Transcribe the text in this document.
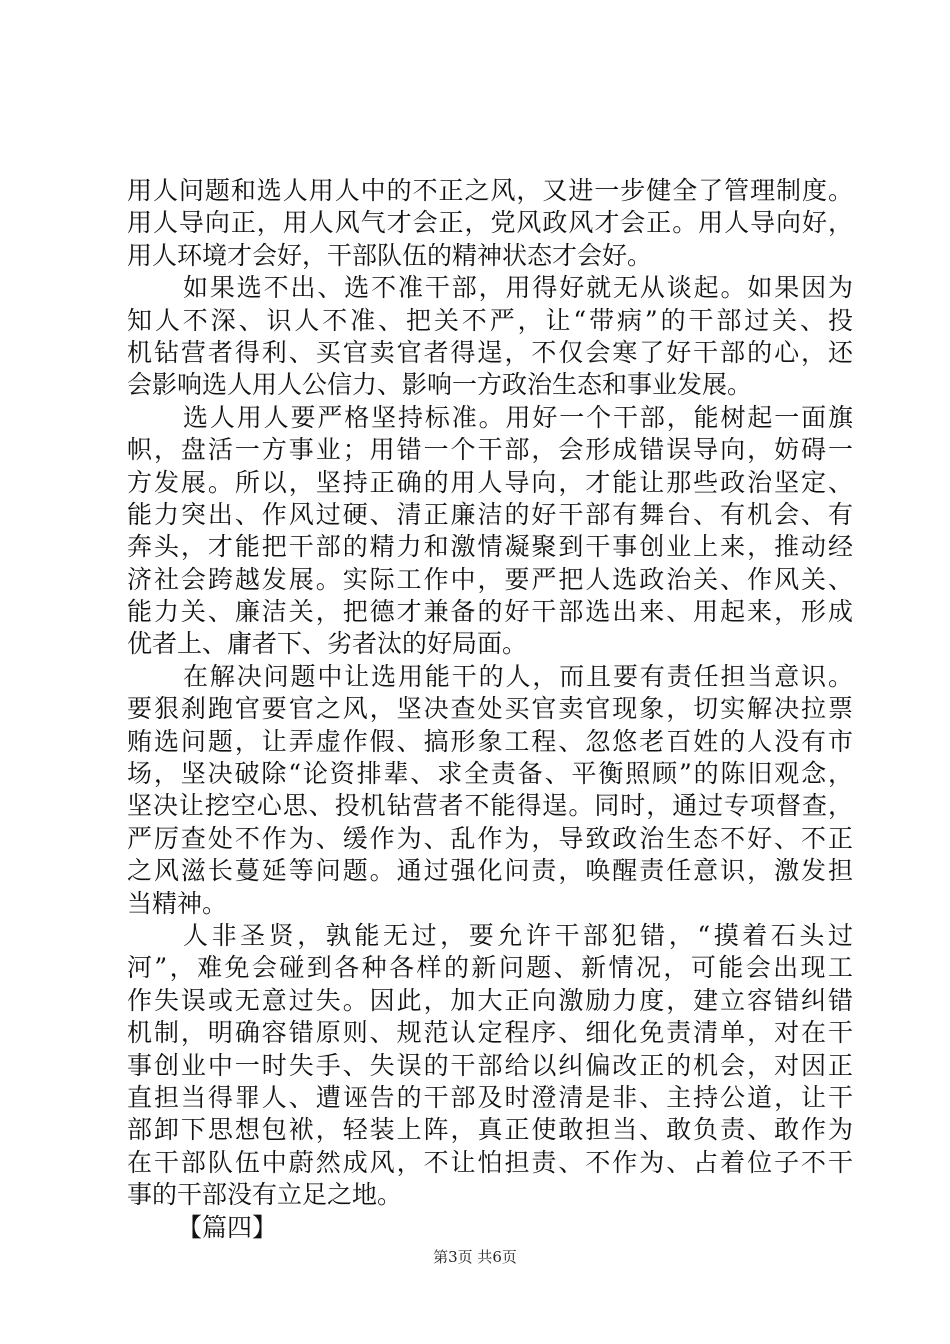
用人问题和选人用人中的不正之风，又进一步健全了管理制度。
用人导向正，用人风气才会正，党风政风才会正。用人导向好，
用人环境才会好，干部队伍的精神状态才会好。
如果选不出、选不准干部，用得好就无从谈起。如果因为
知人不深、识人不准、把关不严，让“带病”的干部过关、投
机钻营者得利、买官卖官者得逞，不仅会寒了好干部的心，还
会影响选人用人公信力、影响一方政治生态和事业发展。
选人用人要严格坚持标准。用好一个干部，能树起一面旗
帜，盘活一方事业；用错一个干部，会形成错误导向，妨碍一
方发展。所以，坚持正确的用人导向，才能让那些政治坚定、
能力突出、作风过硬、清正廉洁的好干部有舞台、有机会、有
奔头，才能把干部的精力和激情凝聚到干事创业上来，推动经
济社会跨越发展。实际工作中，要严把人选政治关、作风关、
能力关、廉洁关，把德才兼备的好干部选出来、用起来，形成
优者上、庸者下、劣者汰的好局面。
在解决问题中让选用能干的人，而且要有责任担当意识。
要狠刹跑官要官之风，坚决查处买官卖官现象，切实解决拉票
贿选问题，让弄虚作假、搞形象工程、忽悠老百姓的人没有市
场，坚决破除“论资排辈、求全责备、平衡照顾”的陈旧观念，
坚决让挖空心思、投机钻营者不能得逞。同时，通过专项督查，
严厉查处不作为、缓作为、乱作为，导致政治生态不好、不正
之风滋长蔓延等问题。通过强化问责，唤醒责任意识，激发担
当精神。
人非圣贤，孰能无过，要允许干部犯错，“摸着石头过
河”，难免会碰到各种各样的新问题、新情况，可能会出现工
作失误或无意过失。因此，加大正向激励力度，建立容错纠错
机制，明确容错原则、规范认定程序、细化免责清单，对在干
事创业中一时失手、失误的干部给以纠偏改正的机会，对因正
直担当得罪人、遭诬告的干部及时澄清是非、主持公道，让干
部卸下思想包袱，轻装上阵，真正使敢担当、敢负责、敢作为
在干部队伍中蔚然成风，不让怕担责、不作为、占着位子不干
事的干部没有立足之地。
【篇四】
第3页 共6页
